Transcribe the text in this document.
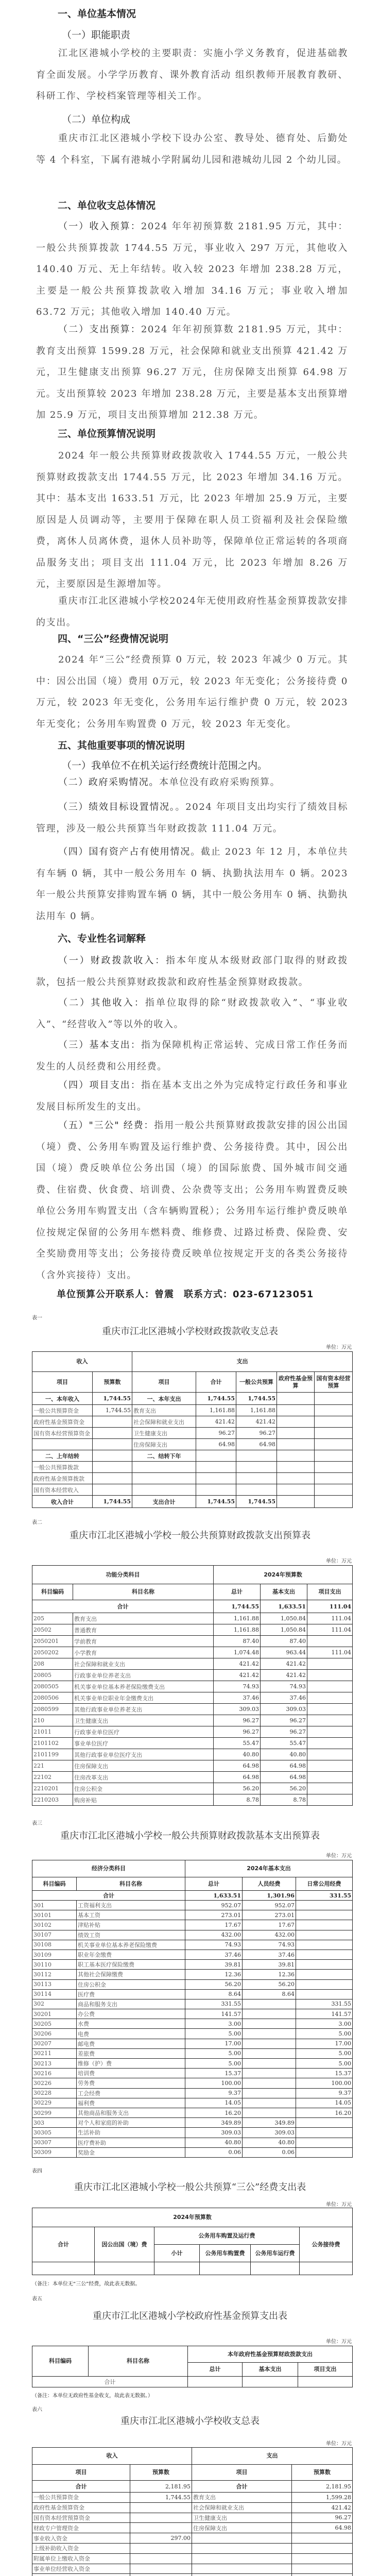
一、单位基本情况
（一）职能职责
江北区港城小学校的主要职责：实施小学义务教育，促进基础教育全面发展。小学学历教育、课外教育活动 组织教师开展教育教研、科研工作、学校档案管理等相关工作。
（二）单位构成
重庆市江北区港城小学校下设办公室、教导处、德育处、后勤处等 4 个科室，下属有港城小学附属幼儿园和港城幼儿园 2 个幼儿园。
二、单位收支总体情况
（一）收入预算：2024 年年初预算数 2181.95 万元，其中：一般公共预算拨款 1744.55 万元，事业收入 297 万元，其他收入 140.40 万元、无上年结转。收入较 2023 年增加 238.28 万元，主要是一般公共预算拨款收入增加 34.16 万元；事业收入增加 63.72 万元；其他收入增加 140.40 万元。
（二）支出预算：2024 年年初预算数 2181.95 万元，其中：教育支出预算 1599.28 万元，社会保障和就业支出预算 421.42 万元，卫生健康支出预算 96.27 万元，住房保障支出预算 64.98 万元。支出预算较 2023 年增加 238.28 万元，主要是基本支出预算增加 25.9 万元，项目支出预算增加 212.38 万元。
三、单位预算情况说明
2024 年一般公共预算财政拨款收入 1744.55 万元，一般公共预算财政拨款支出 1744.55 万元，比 2023 年增加 34.16 万元。其中：基本支出 1633.51 万元，比 2023 年增加 25.9 万元，主要原因是人员调动等，主要用于保障在职人员工资福利及社会保险缴费，离休人员离休费，退休人员补助等，保障单位正常运转的各项商品服务支出；项目支出 111.04 万元，比 2023 年增加 8.26 万元，主要原因是生源增加等。
重庆市江北区港城小学校2024年无使用政府性基金预算拨款安排的支出。
四、“三公”经费情况说明
2024 年“三公”经费预算 0 万元，较 2023 年减少 0 万元。其中：因公出国（境）费用 0万元，较 2023 年无变化；公务接待费 0 万元，较 2023 年无变化，公务用车运行维护费 0 万元，较 2023 年无变化；公务用车购置费 0 万元，较 2023 年无变化。
五、其他重要事项的情况说明
（一）我单位不在机关运行经费统计范围之内。
（二）政府采购情况。本单位没有政府采购预算。
（三）绩效目标设置情况。。2024 年项目支出均实行了绩效目标管理，涉及一般公共预算当年财政拨款 111.04 万元。
（四）国有资产占有使用情况。截止 2023 年 12 月，本单位共有车辆 0 辆，其中一般公务用车 0 辆、执勤执法用车 0 辆。2023 年一般公共预算安排购置车辆 0 辆，其中一般公务用车 0 辆、执勤执法用车 0 辆。
六、专业性名词解释
（一）财政拨款收入：指本年度从本级财政部门取得的财政拨款，包括一般公共预算财政拨款和政府性基金预算财政拨款。
（二）其他收入：指单位取得的除“财政拨款收入”、“事业收入”、“经营收入”等以外的收入。
（三）基本支出：指为保障机构正常运转、完成日常工作任务而发生的人员经费和公用经费。
（四）项目支出：指在基本支出之外为完成特定行政任务和事业发展目标所发生的支出。
（五）"三公" 经费：指用一般公共预算财政拨款安排的因公出国（境）费、公务用车购置及运行维护费、公务接待费。其中，因公出国（境）费反映单位公务出国（境）的国际旅费、国外城市间交通费、住宿费、伙食费、培训费、公杂费等支出；公务用车购置费反映单位公务用车购置支出（含车辆购置税）；公务用车运行维护费反映单位按规定保留的公务用车燃料费、维修费、过路过桥费、保险费、安全奖励费用等支出；公务接待费反映单位按规定开支的各类公务接待（含外宾接待）支出。
单位预算公开联系人：曾震　联系方式：023-67123051
表一
重庆市江北区港城小学校财政拨款收支总表
单位：万元
收入		支出				
项目	预算数	项目	合计	一般公共预算	政府性基金预算	国有资本经营预算
一、本年收入	1,744.55	一、本年支出	1,744.55	1,744.55		
一般公共预算资金	1,744.55	教育支出	1,161.88	1,161.88		
政府性基金预算资金		社会保障和就业支出	421.42	421.42		
国有资本经营预算资金		卫生健康支出	96.27	96.27		
		住房保障支出	64.98	64.98		
二、上年结转		二、结转下年				
一般公共预算拨款						
政府性基金预算拨款						
国有资本经营收入						
收入合计	1,744.55	支出合计	1,744.55	1,744.55		
表二
重庆市江北区港城小学校一般公共预算财政拨款支出预算表
单位：万元
功能分类科目		2024年预算数		
科目编码	科目名称	总计	基本支出	项目支出
合计		1,744.55	1,633.51	111.04
205	教育支出	1,161.88	1,050.84	111.04
20502	普通教育	1,161.88	1,050.84	111.04
2050201	学前教育	87.40	87.40	
2050202	小学教育	1,074.48	963.44	111.04
208	社会保障和就业支出	421.42	421.42	
20805	行政事业单位养老支出	421.42	421.42	
2080505	机关事业单位基本养老保险缴费支出	74.93	74.93	
2080506	机关事业单位职业年金缴费支出	37.46	37.46	
2080599	其他行政事业单位养老支出	309.03	309.03	
210	卫生健康支出	96.27	96.27	
21011	行政事业单位医疗	96.27	96.27	
2101102	事业单位医疗	55.47	55.47	
2101199	其他行政事业单位医疗支出	40.80	40.80	
221	住房保障支出	64.98	64.98	
22102	住房改革支出	64.98	64.98	
2210201	住房公积金	56.20	56.20	
2210203	购房补贴	8.78	8.78	
表三
重庆市江北区港城小学校一般公共预算财政拨款基本支出预算表
单位：万元
经济分类科目		2024年基本支出		
科目编码	科目名称	总计	人员经费	日常公用经费
合计		1,633.51	1,301.96	331.55
301	工资福利支出	952.07	952.07	
30101	基本工资	273.01	273.01	
30102	津贴补贴	17.67	17.67	
30107	绩效工资	432.00	432.00	
30108	机关事业单位基本养老保险缴费	74.93	74.93	
30109	职业年金缴费	37.46	37.46	
30110	职工基本医疗保险缴费	39.81	39.81	
30112	其他社会保障缴费	12.36	12.36	
30113	住房公积金	56.20	56.20	
30114	医疗费	8.64	8.64	
302	商品和服务支出	331.55		331.55
30201	办公费	141.57		141.57
30205	水费	3.00		3.00
30206	电费	5.00		5.00
30207	邮电费	17.00		17.00
30211	差旅费	5.00		5.00
30213	维修（护）费	5.00		5.00
30216	培训费	15.37		15.37
30226	劳务费	100.00		100.00
30228	工会经费	9.37		9.37
30229	福利费	14.05		14.05
30299	其他商品和服务支出	16.20		16.20
303	对个人和家庭的补助	349.89	349.89	
30305	生活补助	309.03	309.03	
30307	医疗费补助	40.80	40.80	
30309	奖励金	0.06	0.06	
表四
重庆市江北区港城小学校一般公共预算“三公”经费支出表
单位：万元
2024年预算数					
合计	因公出国（境）费	公务用车购置及运行费			公务接待费
		小计	公务用车购置费	公务用车运行费	

（备注：本单位无“三公”经费，故此表无数据。
表五
重庆市江北区港城小学校政府性基金预算支出表
单位：万元
科目编码	科目名称	本年政府性基金预算财政拨款支出		
		总计	基本支出	项目支出
合计				
（备注：本单位无政府性基金收支，故此表无数据。）
表六
重庆市江北区港城小学校收支总表
单位：万元
收入		支出	
项目	预算数	项目	预算数
合计	2,181.95	合计	2,181.95
一般公共预算资金	1,744.55	教育支出	1,599.28
政府性基金预算资金		社会保障和就业支出	421.42
国有资本经营预算资金		卫生健康支出	96.27
财政专户管理资金		住房保障支出	64.98
事业收入资金	297.00		
上级补助收入资金			
附属单位上缴收入资金			
事业单位经营收入资金			
